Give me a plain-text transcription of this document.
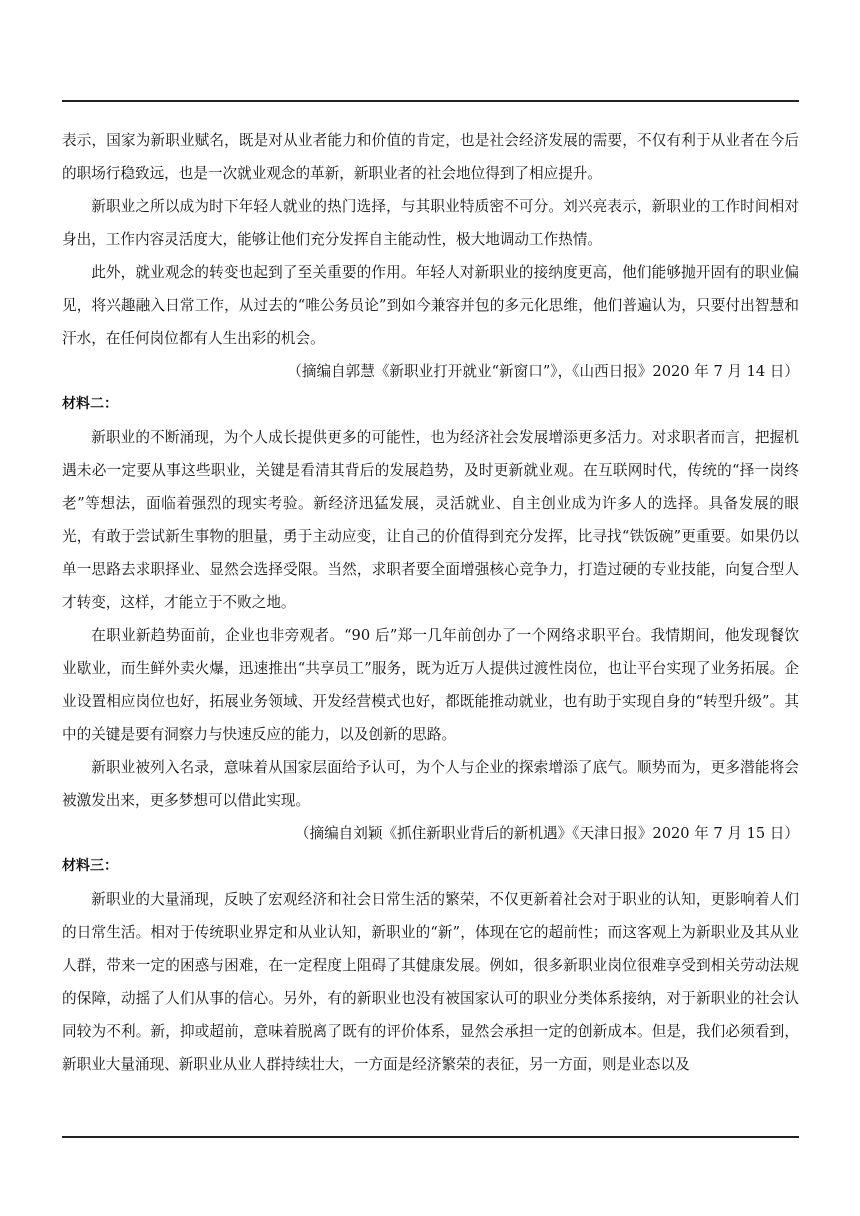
表示，国家为新职业赋名，既是对从业者能力和价值的肯定，也是社会经济发展的需要，不仅有利于从业者在今后的职场行稳致远，也是一次就业观念的革新，新职业者的社会地位得到了相应提升。

新职业之所以成为时下年轻人就业的热门选择，与其职业特质密不可分。刘兴亮表示，新职业的工作时间相对身出，工作内容灵活度大，能够让他们充分发挥自主能动性，极大地调动工作热情。

此外，就业观念的转变也起到了至关重要的作用。年轻人对新职业的接纳度更高，他们能够抛开固有的职业偏见，将兴趣融入日常工作，从过去的“唯公务员论”到如今兼容并包的多元化思维，他们普遍认为，只要付出智慧和汗水，在任何岗位都有人生出彩的机会。

（摘编自郭慧《新职业打开就业“新窗口”》，《山西日报》2020 年 7 月 14 日）

材料二：

新职业的不断涌现，为个人成长提供更多的可能性，也为经济社会发展增添更多活力。对求职者而言，把握机遇未必一定要从事这些职业，关键是看清其背后的发展趋势，及时更新就业观。在互联网时代，传统的“择一岗终老”等想法，面临着强烈的现实考验。新经济迅猛发展，灵活就业、自主创业成为许多人的选择。具备发展的眼光，有敢于尝试新生事物的胆量，勇于主动应变，让自己的价值得到充分发挥，比寻找“铁饭碗”更重要。如果仍以单一思路去求职择业、显然会选择受限。当然，求职者要全面增强核心竞争力，打造过硬的专业技能，向复合型人才转变，这样，才能立于不败之地。

在职业新趋势面前，企业也非旁观者。“90 后”郑一几年前创办了一个网络求职平台。我情期间，他发现餐饮业歇业，而生鲜外卖火爆，迅速推出“共享员工”服务，既为近万人提供过渡性岗位，也让平台实现了业务拓展。企业设置相应岗位也好，拓展业务领域、开发经营模式也好，都既能推动就业，也有助于实现自身的“转型升级”。其中的关键是要有洞察力与快速反应的能力，以及创新的思路。

新职业被列入名录，意味着从国家层面给予认可，为个人与企业的探索增添了底气。顺势而为，更多潜能将会被激发出来，更多梦想可以借此实现。

（摘编自刘颖《抓住新职业背后的新机遇》《天津日报》2020 年 7 月 15 日）

材料三：

新职业的大量涌现，反映了宏观经济和社会日常生活的繁荣，不仅更新着社会对于职业的认知，更影响着人们的日常生活。相对于传统职业界定和从业认知，新职业的“新”，体现在它的超前性；而这客观上为新职业及其从业人群，带来一定的困惑与困难，在一定程度上阻碍了其健康发展。例如，很多新职业岗位很难享受到相关劳动法规的保障，动摇了人们从事的信心。另外，有的新职业也没有被国家认可的职业分类体系接纳，对于新职业的社会认同较为不利。新，抑或超前，意味着脱离了既有的评价体系，显然会承担一定的创新成本。但是，我们必须看到，新职业大量涌现、新职业从业人群持续壮大，一方面是经济繁荣的表征，另一方面，则是业态以及
